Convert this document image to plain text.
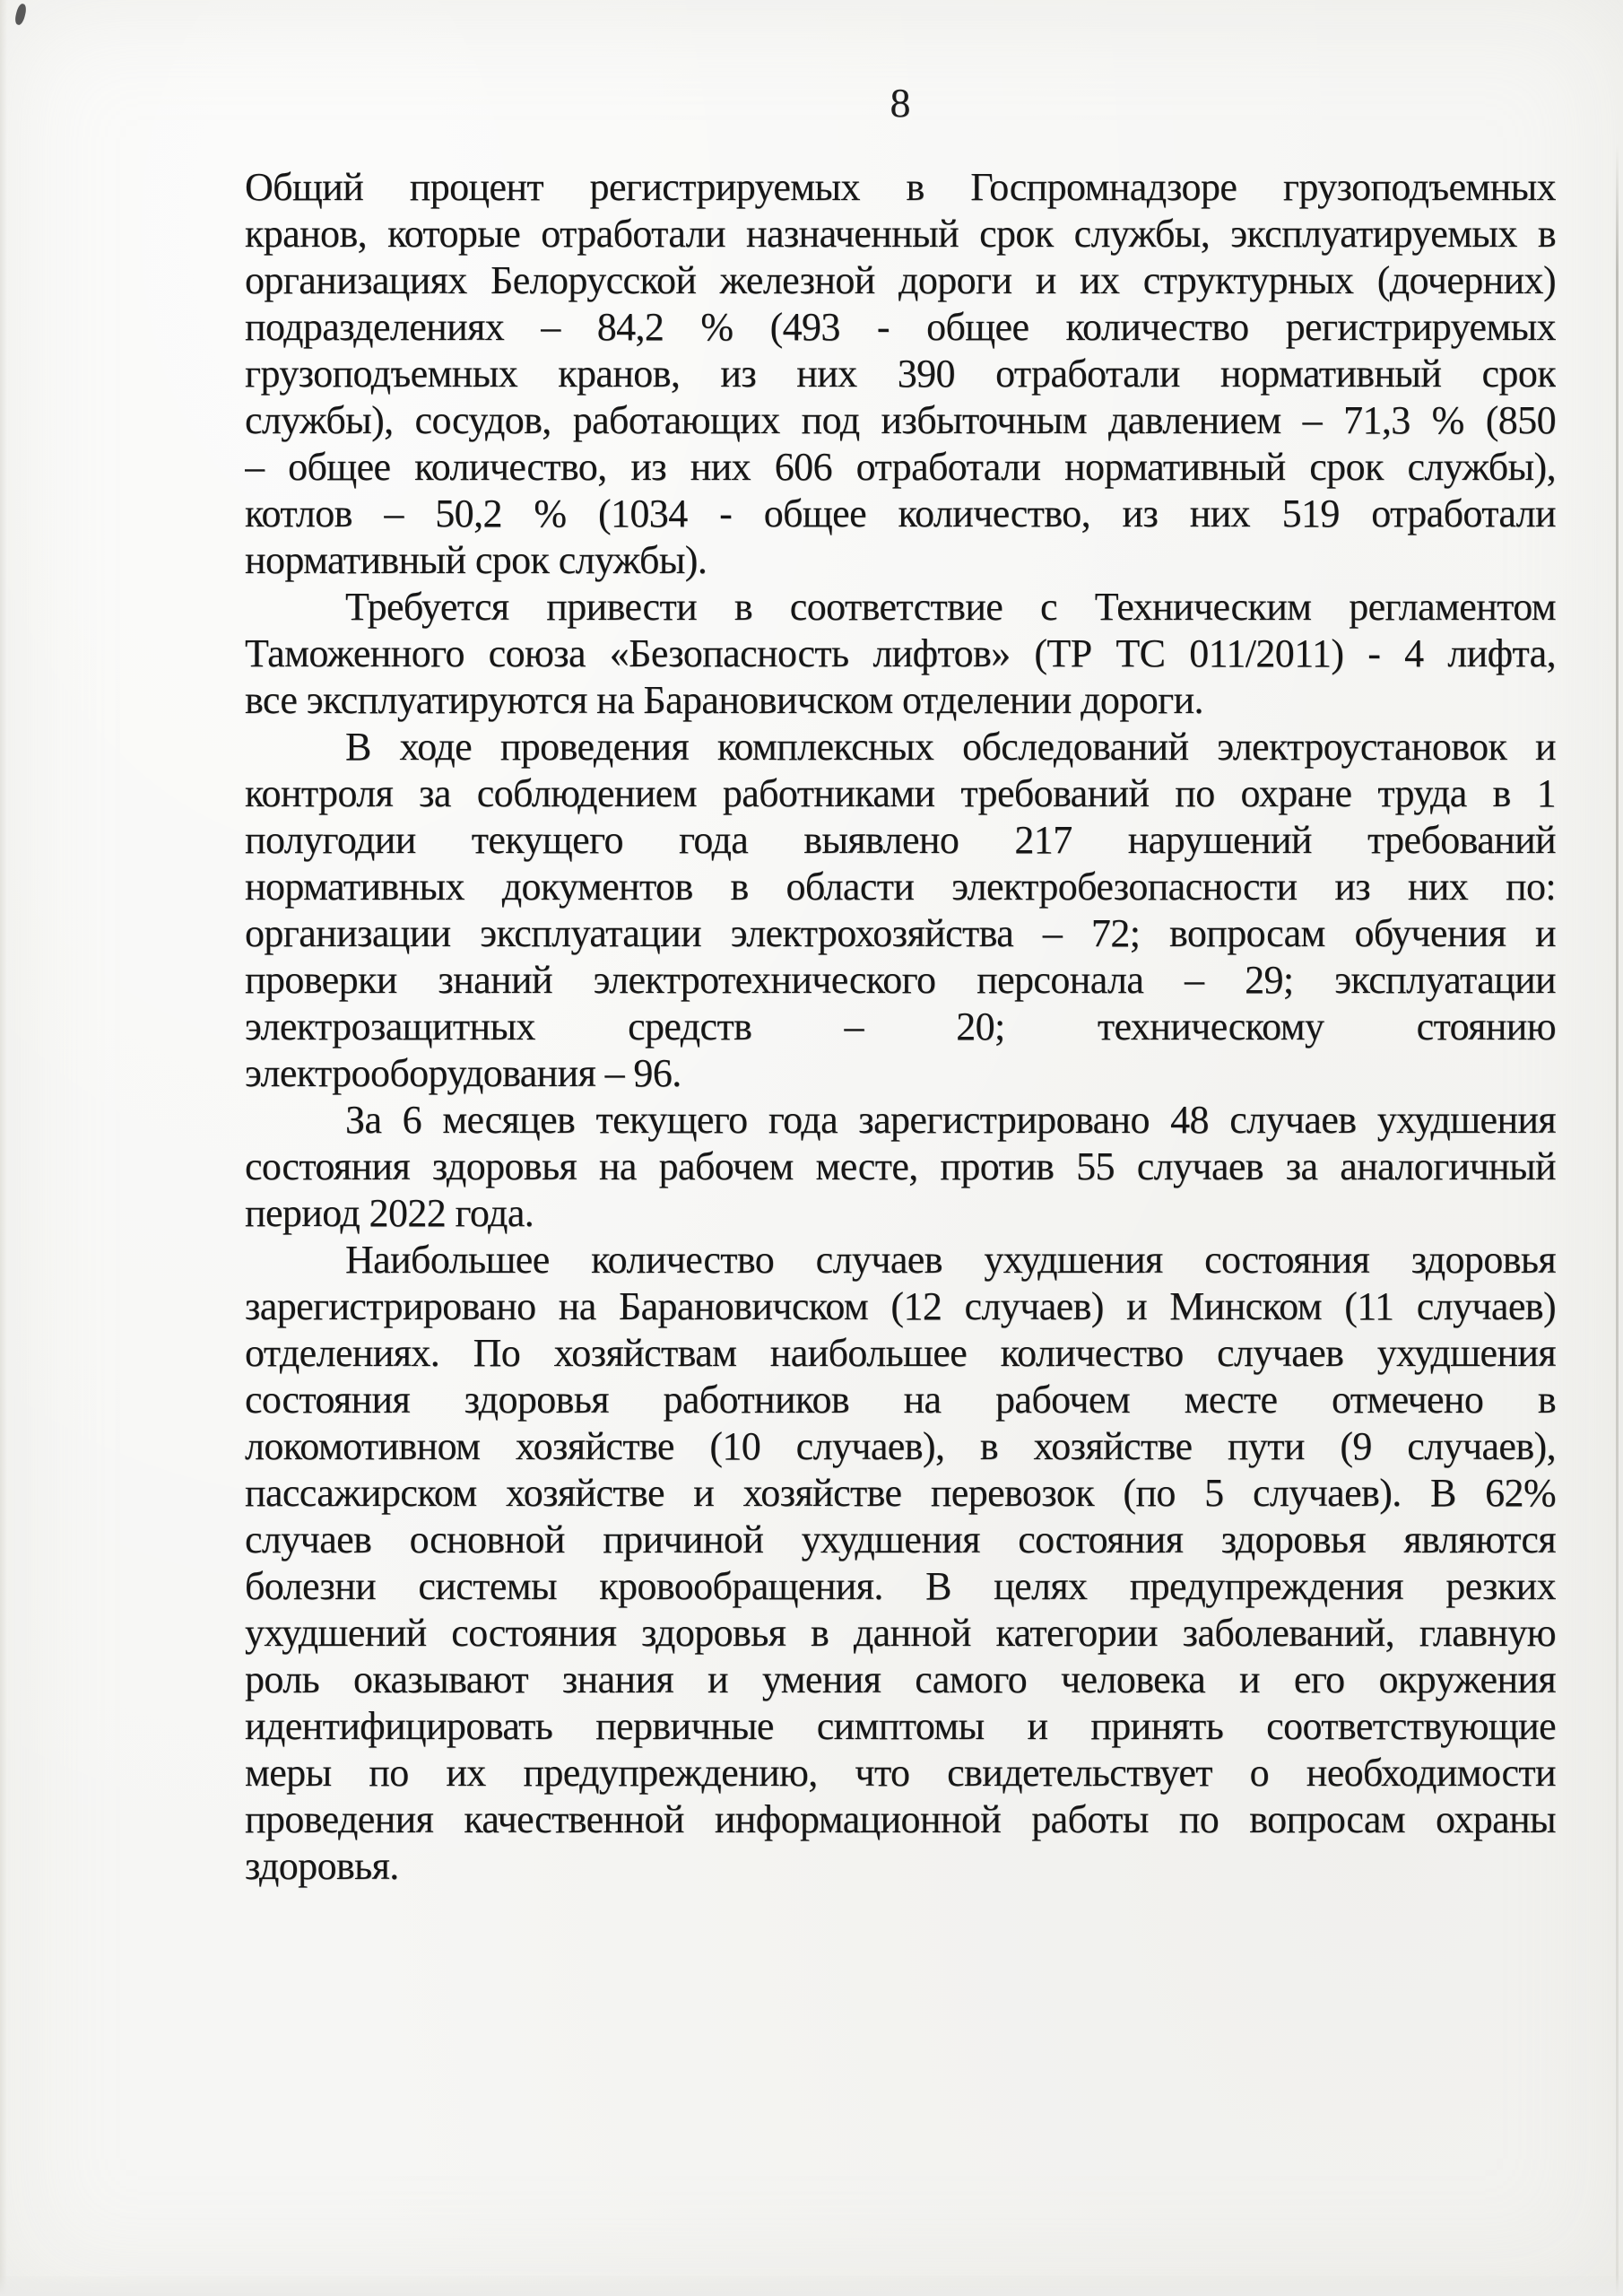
8
Общий процент регистрируемых в Госпромнадзоре грузоподъемных
кранов, которые отработали назначенный срок службы, эксплуатируемых в
организациях Белорусской железной дороги и их структурных (дочерних)
подразделениях – 84,2 % (493 - общее количество регистрируемых
грузоподъемных кранов, из них 390 отработали нормативный срок
службы), сосудов, работающих под избыточным давлением – 71,3 % (850
– общее количество, из них 606 отработали нормативный срок службы),
котлов – 50,2 % (1034 - общее количество, из них 519 отработали
нормативный срок службы).
Требуется привести в соответствие с Техническим регламентом
Таможенного союза «Безопасность лифтов» (ТР ТС 011/2011) - 4 лифта,
все эксплуатируются на Барановичском отделении дороги.
В ходе проведения комплексных обследований электроустановок и
контроля за соблюдением работниками требований по охране труда в 1
полугодии текущего года выявлено 217 нарушений требований
нормативных документов в области электробезопасности из них по:
организации эксплуатации электрохозяйства – 72; вопросам обучения и
проверки знаний электротехнического персонала – 29; эксплуатации
электрозащитных средств – 20; техническому стоянию
электрооборудования – 96.
За 6 месяцев текущего года зарегистрировано 48 случаев ухудшения
состояния здоровья на рабочем месте, против 55 случаев за аналогичный
период 2022 года.
Наибольшее количество случаев ухудшения состояния здоровья
зарегистрировано на Барановичском (12 случаев) и Минском (11 случаев)
отделениях. По хозяйствам наибольшее количество случаев ухудшения
состояния здоровья работников на рабочем месте отмечено в
локомотивном хозяйстве (10 случаев), в хозяйстве пути (9 случаев),
пассажирском хозяйстве и хозяйстве перевозок (по 5 случаев). В 62%
случаев основной причиной ухудшения состояния здоровья являются
болезни системы кровообращения. В целях предупреждения резких
ухудшений состояния здоровья в данной категории заболеваний, главную
роль оказывают знания и умения самого человека и его окружения
идентифицировать первичные симптомы и принять соответствующие
меры по их предупреждению, что свидетельствует о необходимости
проведения качественной информационной работы по вопросам охраны
здоровья.
